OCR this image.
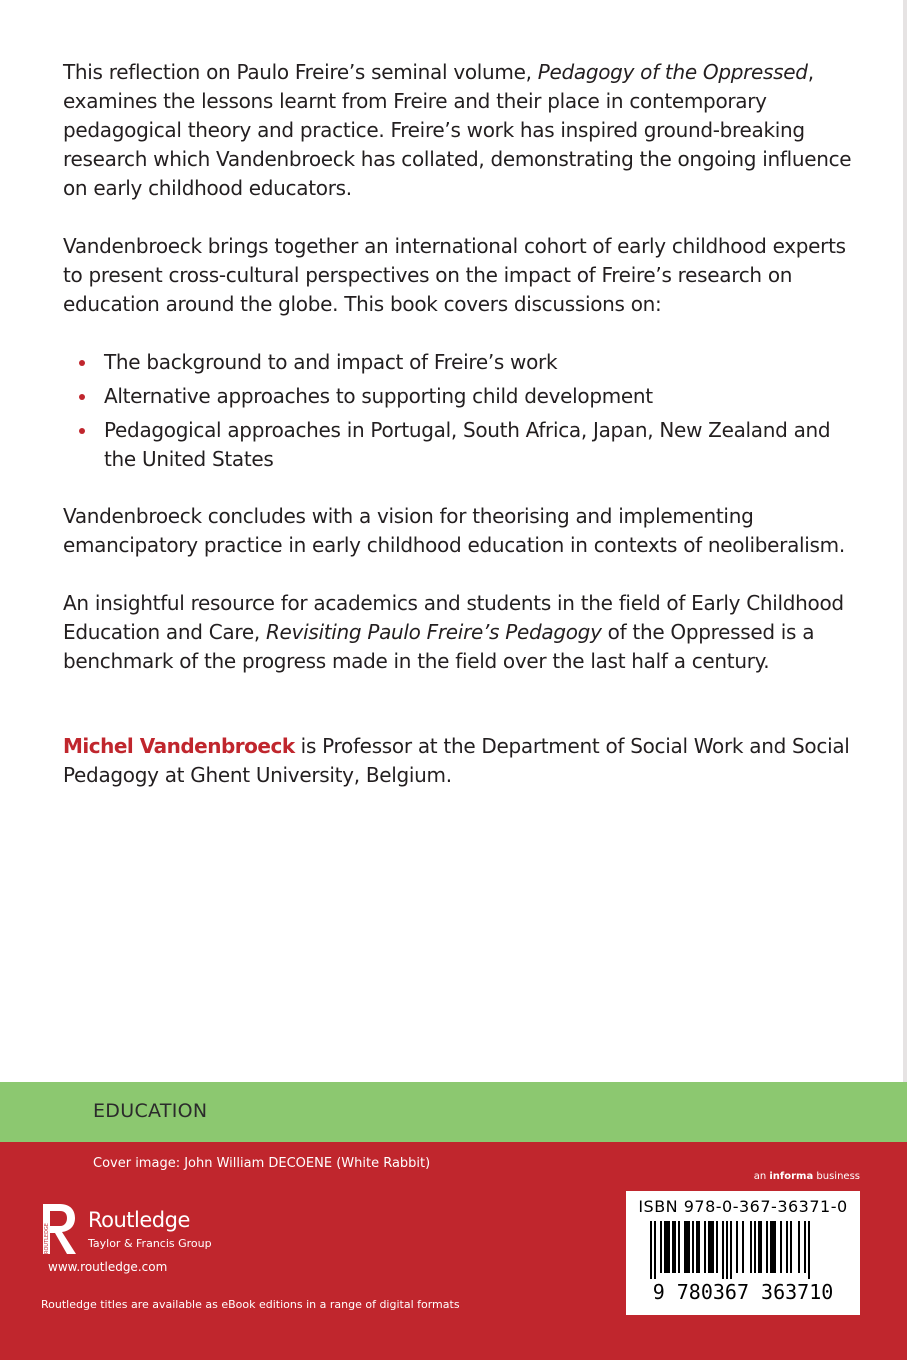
This reflection on Paulo Freire’s seminal volume, Pedagogy of the Oppressed, examines the lessons learnt from Freire and their place in contemporary pedagogical theory and practice. Freire’s work has inspired ground-breaking research which Vandenbroeck has collated, demonstrating the ongoing influence on early childhood educators.

Vandenbroeck brings together an international cohort of early childhood experts to present cross-cultural perspectives on the impact of Freire’s research on education around the globe. This book covers discussions on:

The background to and impact of Freire’s work
Alternative approaches to supporting child development
Pedagogical approaches in Portugal, South Africa, Japan, New Zealand and the United States

Vandenbroeck concludes with a vision for theorising and implementing emancipatory practice in early childhood education in contexts of neoliberalism.

An insightful resource for academics and students in the field of Early Childhood Education and Care, Revisiting Paulo Freire’s Pedagogy of the Oppressed is a benchmark of the progress made in the field over the last half a century.

Michel Vandenbroeck is Professor at the Department of Social Work and Social Pedagogy at Ghent University, Belgium.

EDUCATION
Cover image: John William DECOENE (White Rabbit)
ROUTLEDGE
Routledge
Taylor & Francis Group
www.routledge.com
Routledge titles are available as eBook editions in a range of digital formats
an informa business
ISBN 978-0-367-36371-0
9 780367 363710
